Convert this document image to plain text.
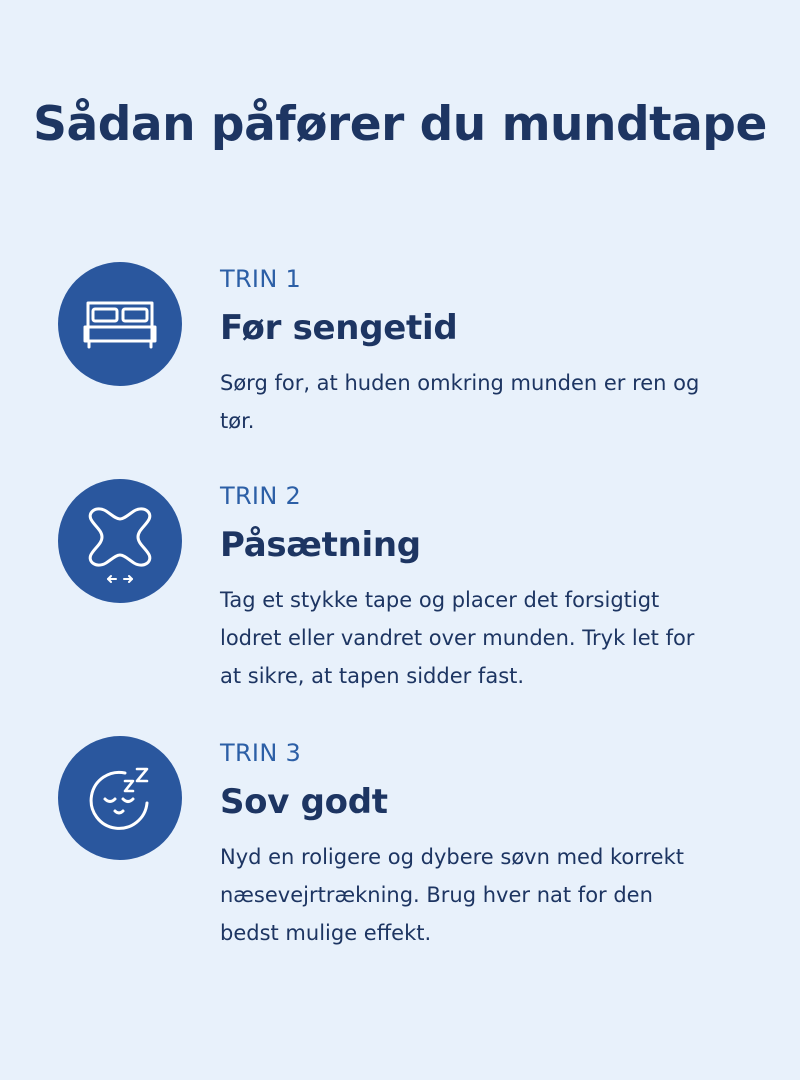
Sådan påfører du mundtape
TRIN 1
Før sengetid
Sørg for, at huden omkring munden er ren og tør.
TRIN 2
Påsætning
Tag et stykke tape og placer det forsigtigt lodret eller vandret over munden. Tryk let for at sikre, at tapen sidder fast.
TRIN 3
Sov godt
Nyd en roligere og dybere søvn med korrekt næsevejrtrækning. Brug hver nat for den bedst mulige effekt.
